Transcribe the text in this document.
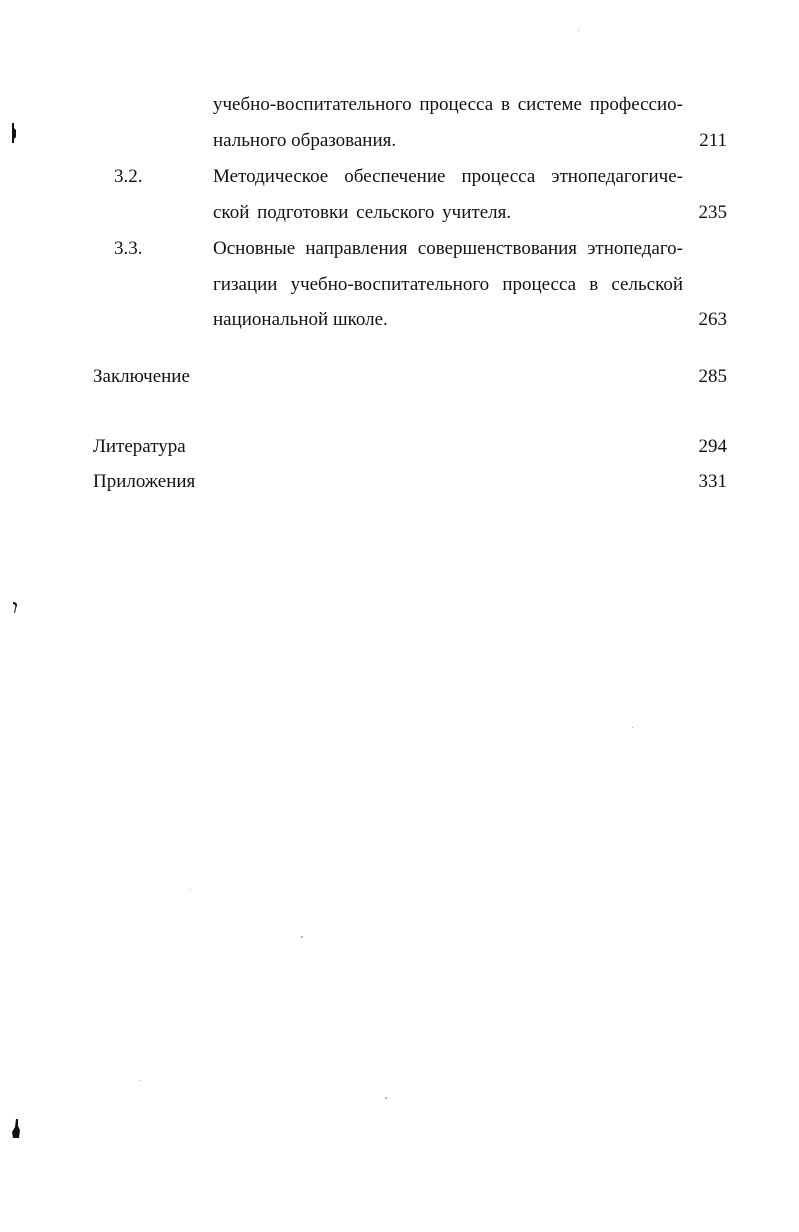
учебно-воспитательного процесса в системе профессио-
нального образования.	211
3.2.	Методическое обеспечение процесса этнопедагогиче-
ской подготовки сельского учителя.	235
3.3.	Основные направления совершенствования этнопедаго-
гизации учебно-воспитательного процесса в сельской
национальной школе.	263
Заключение	285
Литература	294
Приложения	331
